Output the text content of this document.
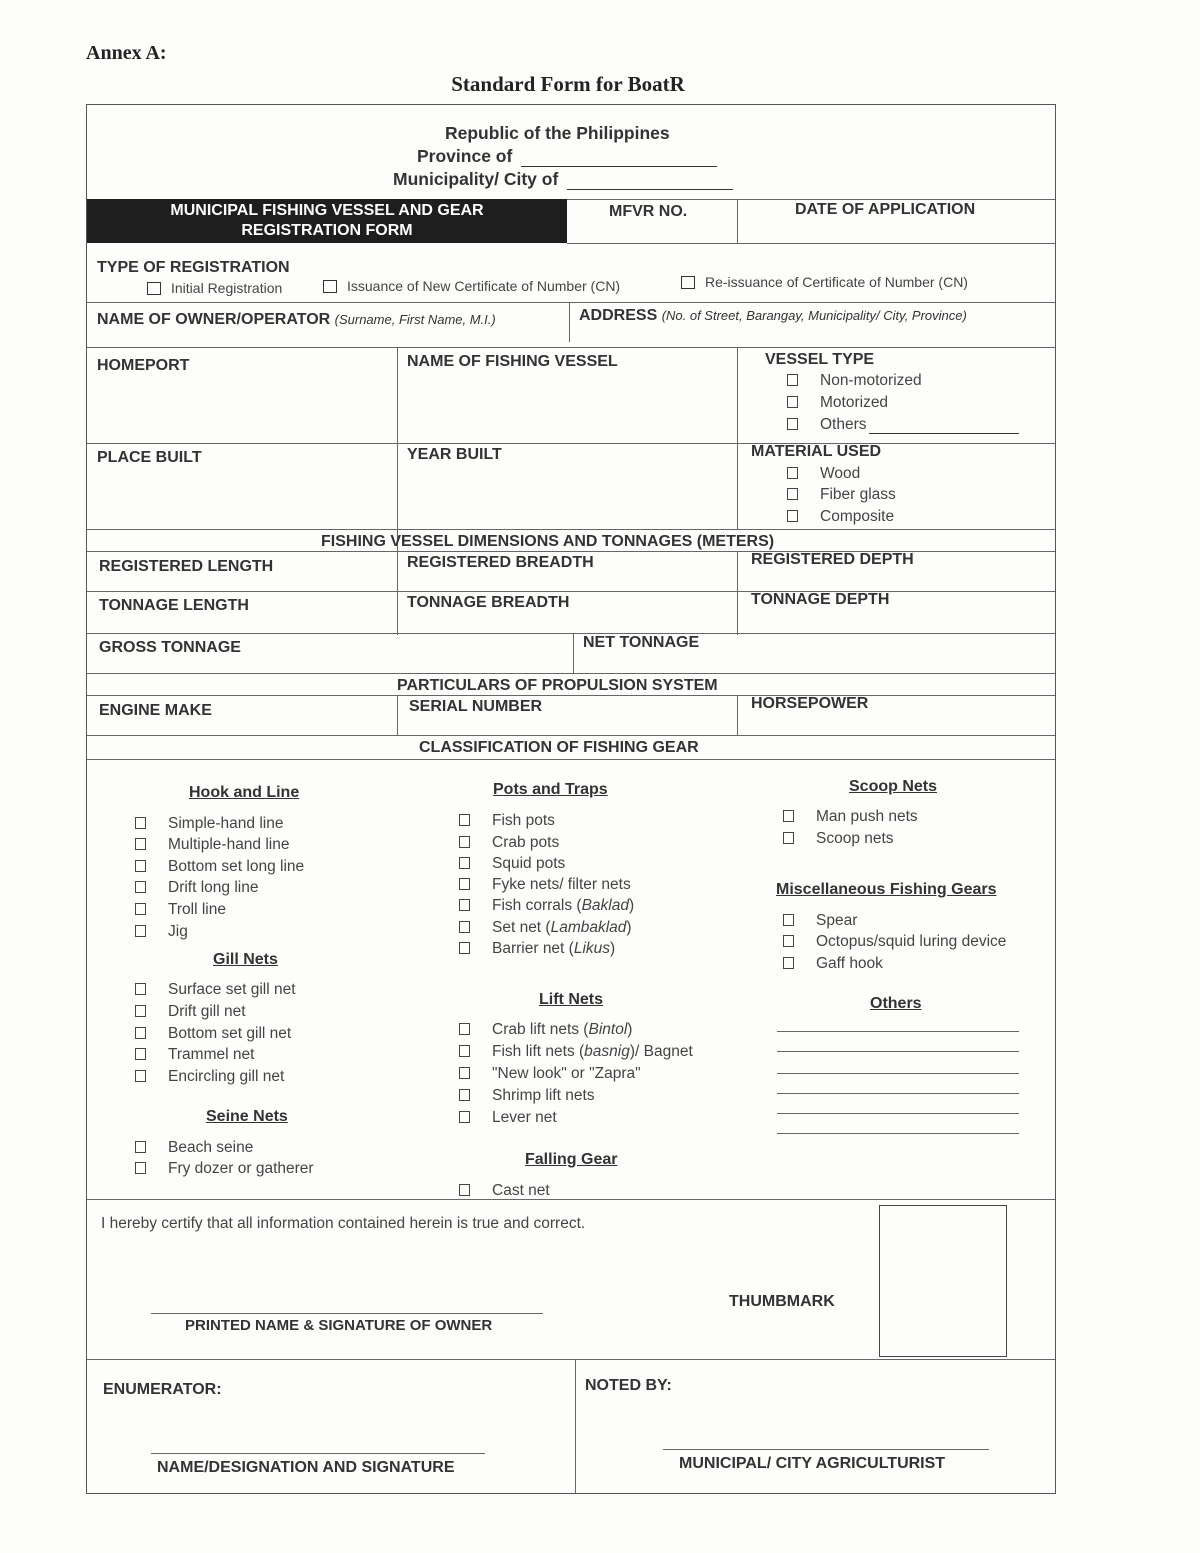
Annex A:
Standard Form for BoatR
Republic of the Philippines
Province of
Municipality/ City of
MUNICIPAL FISHING VESSEL AND GEAR
REGISTRATION FORM
MFVR NO.	DATE OF APPLICATION
TYPE OF REGISTRATION
Initial Registration	Issuance of New Certificate of Number (CN)	Re-issuance of Certificate of Number (CN)
NAME OF OWNER/OPERATOR (Surname, First Name, M.I.)	ADDRESS (No. of Street, Barangay, Municipality/ City, Province)
HOMEPORT	NAME OF FISHING VESSEL	VESSEL TYPE
Non-motorized
Motorized
Others
PLACE BUILT	YEAR BUILT	MATERIAL USED
Wood
Fiber glass
Composite
FISHING VESSEL DIMENSIONS AND TONNAGES (METERS)
REGISTERED LENGTH	REGISTERED BREADTH	REGISTERED DEPTH
TONNAGE LENGTH	TONNAGE BREADTH	TONNAGE DEPTH
GROSS TONNAGE	NET TONNAGE
PARTICULARS OF PROPULSION SYSTEM
ENGINE MAKE	SERIAL NUMBER	HORSEPOWER
CLASSIFICATION OF FISHING GEAR
Hook and Line
Simple-hand line
Multiple-hand line
Bottom set long line
Drift long line
Troll line
Jig
Gill Nets
Surface set gill net
Drift gill net
Bottom set gill net
Trammel net
Encircling gill net
Seine Nets
Beach seine
Fry dozer or gatherer
Pots and Traps
Fish pots
Crab pots
Squid pots
Fyke nets/ filter nets
Fish corrals (Baklad)
Set net (Lambaklad)
Barrier net (Likus)
Lift Nets
Crab lift nets (Bintol)
Fish lift nets (basnig)/ Bagnet
"New look" or "Zapra"
Shrimp lift nets
Lever net
Falling Gear
Cast net
Scoop Nets
Man push nets
Scoop nets
Miscellaneous Fishing Gears
Spear
Octopus/squid luring device
Gaff hook
Others
I hereby certify that all information contained herein is true and correct.
PRINTED NAME & SIGNATURE OF OWNER
THUMBMARK
ENUMERATOR:	NOTED BY:
NAME/DESIGNATION AND SIGNATURE	MUNICIPAL/ CITY AGRICULTURIST
